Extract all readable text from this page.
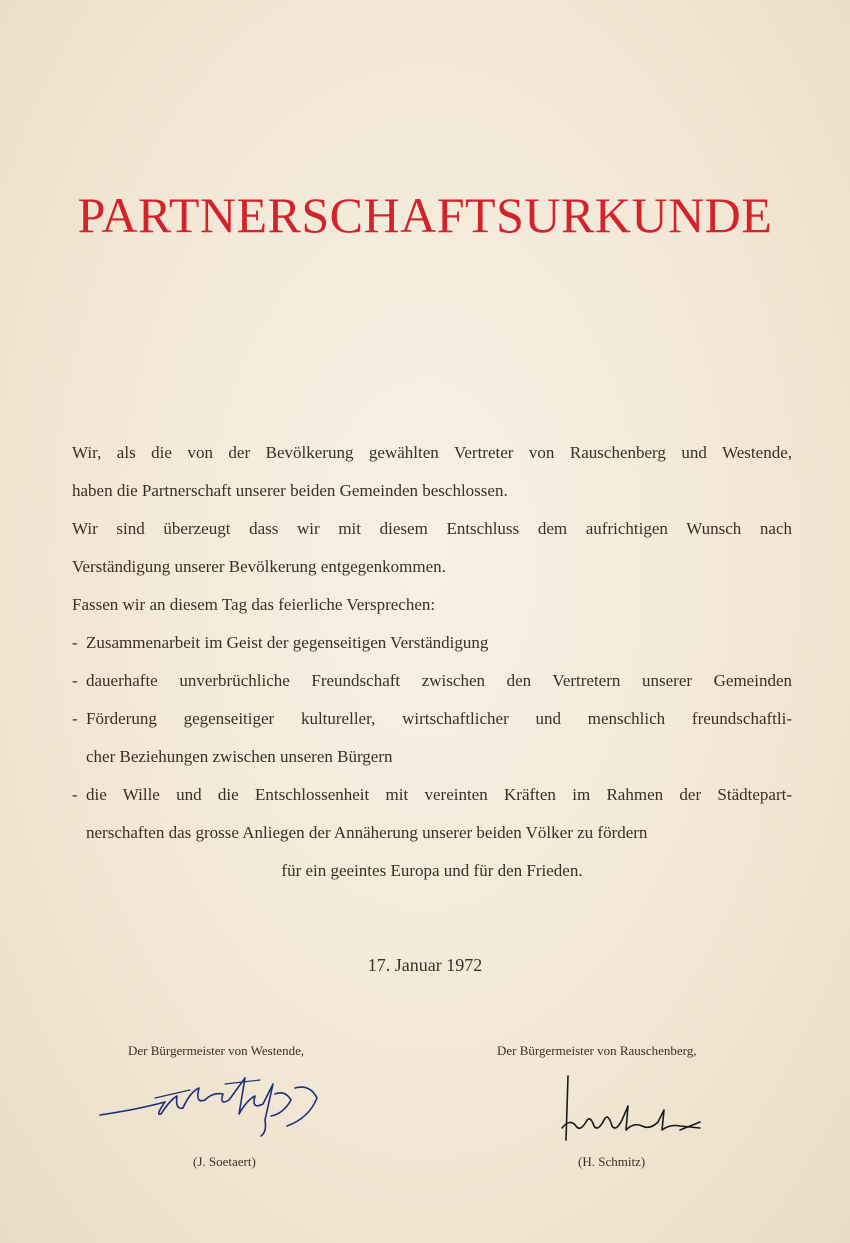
PARTNERSCHAFTSURKUNDE
Wir, als die von der Bevölkerung gewählten Vertreter von Rauschenberg und Westende,
haben die Partnerschaft unserer beiden Gemeinden beschlossen.
Wir sind überzeugt dass wir mit diesem Entschluss dem aufrichtigen Wunsch nach
Verständigung unserer Bevölkerung entgegenkommen.
Fassen wir an diesem Tag das feierliche Versprechen:
- Zusammenarbeit im Geist der gegenseitigen Verständigung
- dauerhafte unverbrüchliche Freundschaft zwischen den Vertretern unserer Gemeinden
- Förderung gegenseitiger kultureller, wirtschaftlicher und menschlich freundschaftli-
cher Beziehungen zwischen unseren Bürgern
- die Wille und die Entschlossenheit mit vereinten Kräften im Rahmen der Städtepart-
nerschaften das grosse Anliegen der Annäherung unserer beiden Völker zu fördern
für ein geeintes Europa und für den Frieden.
17. Januar 1972
Der Bürgermeister von Westende,	Der Bürgermeister von Rauschenberg,
(J. Soetaert)	(H. Schmitz)
